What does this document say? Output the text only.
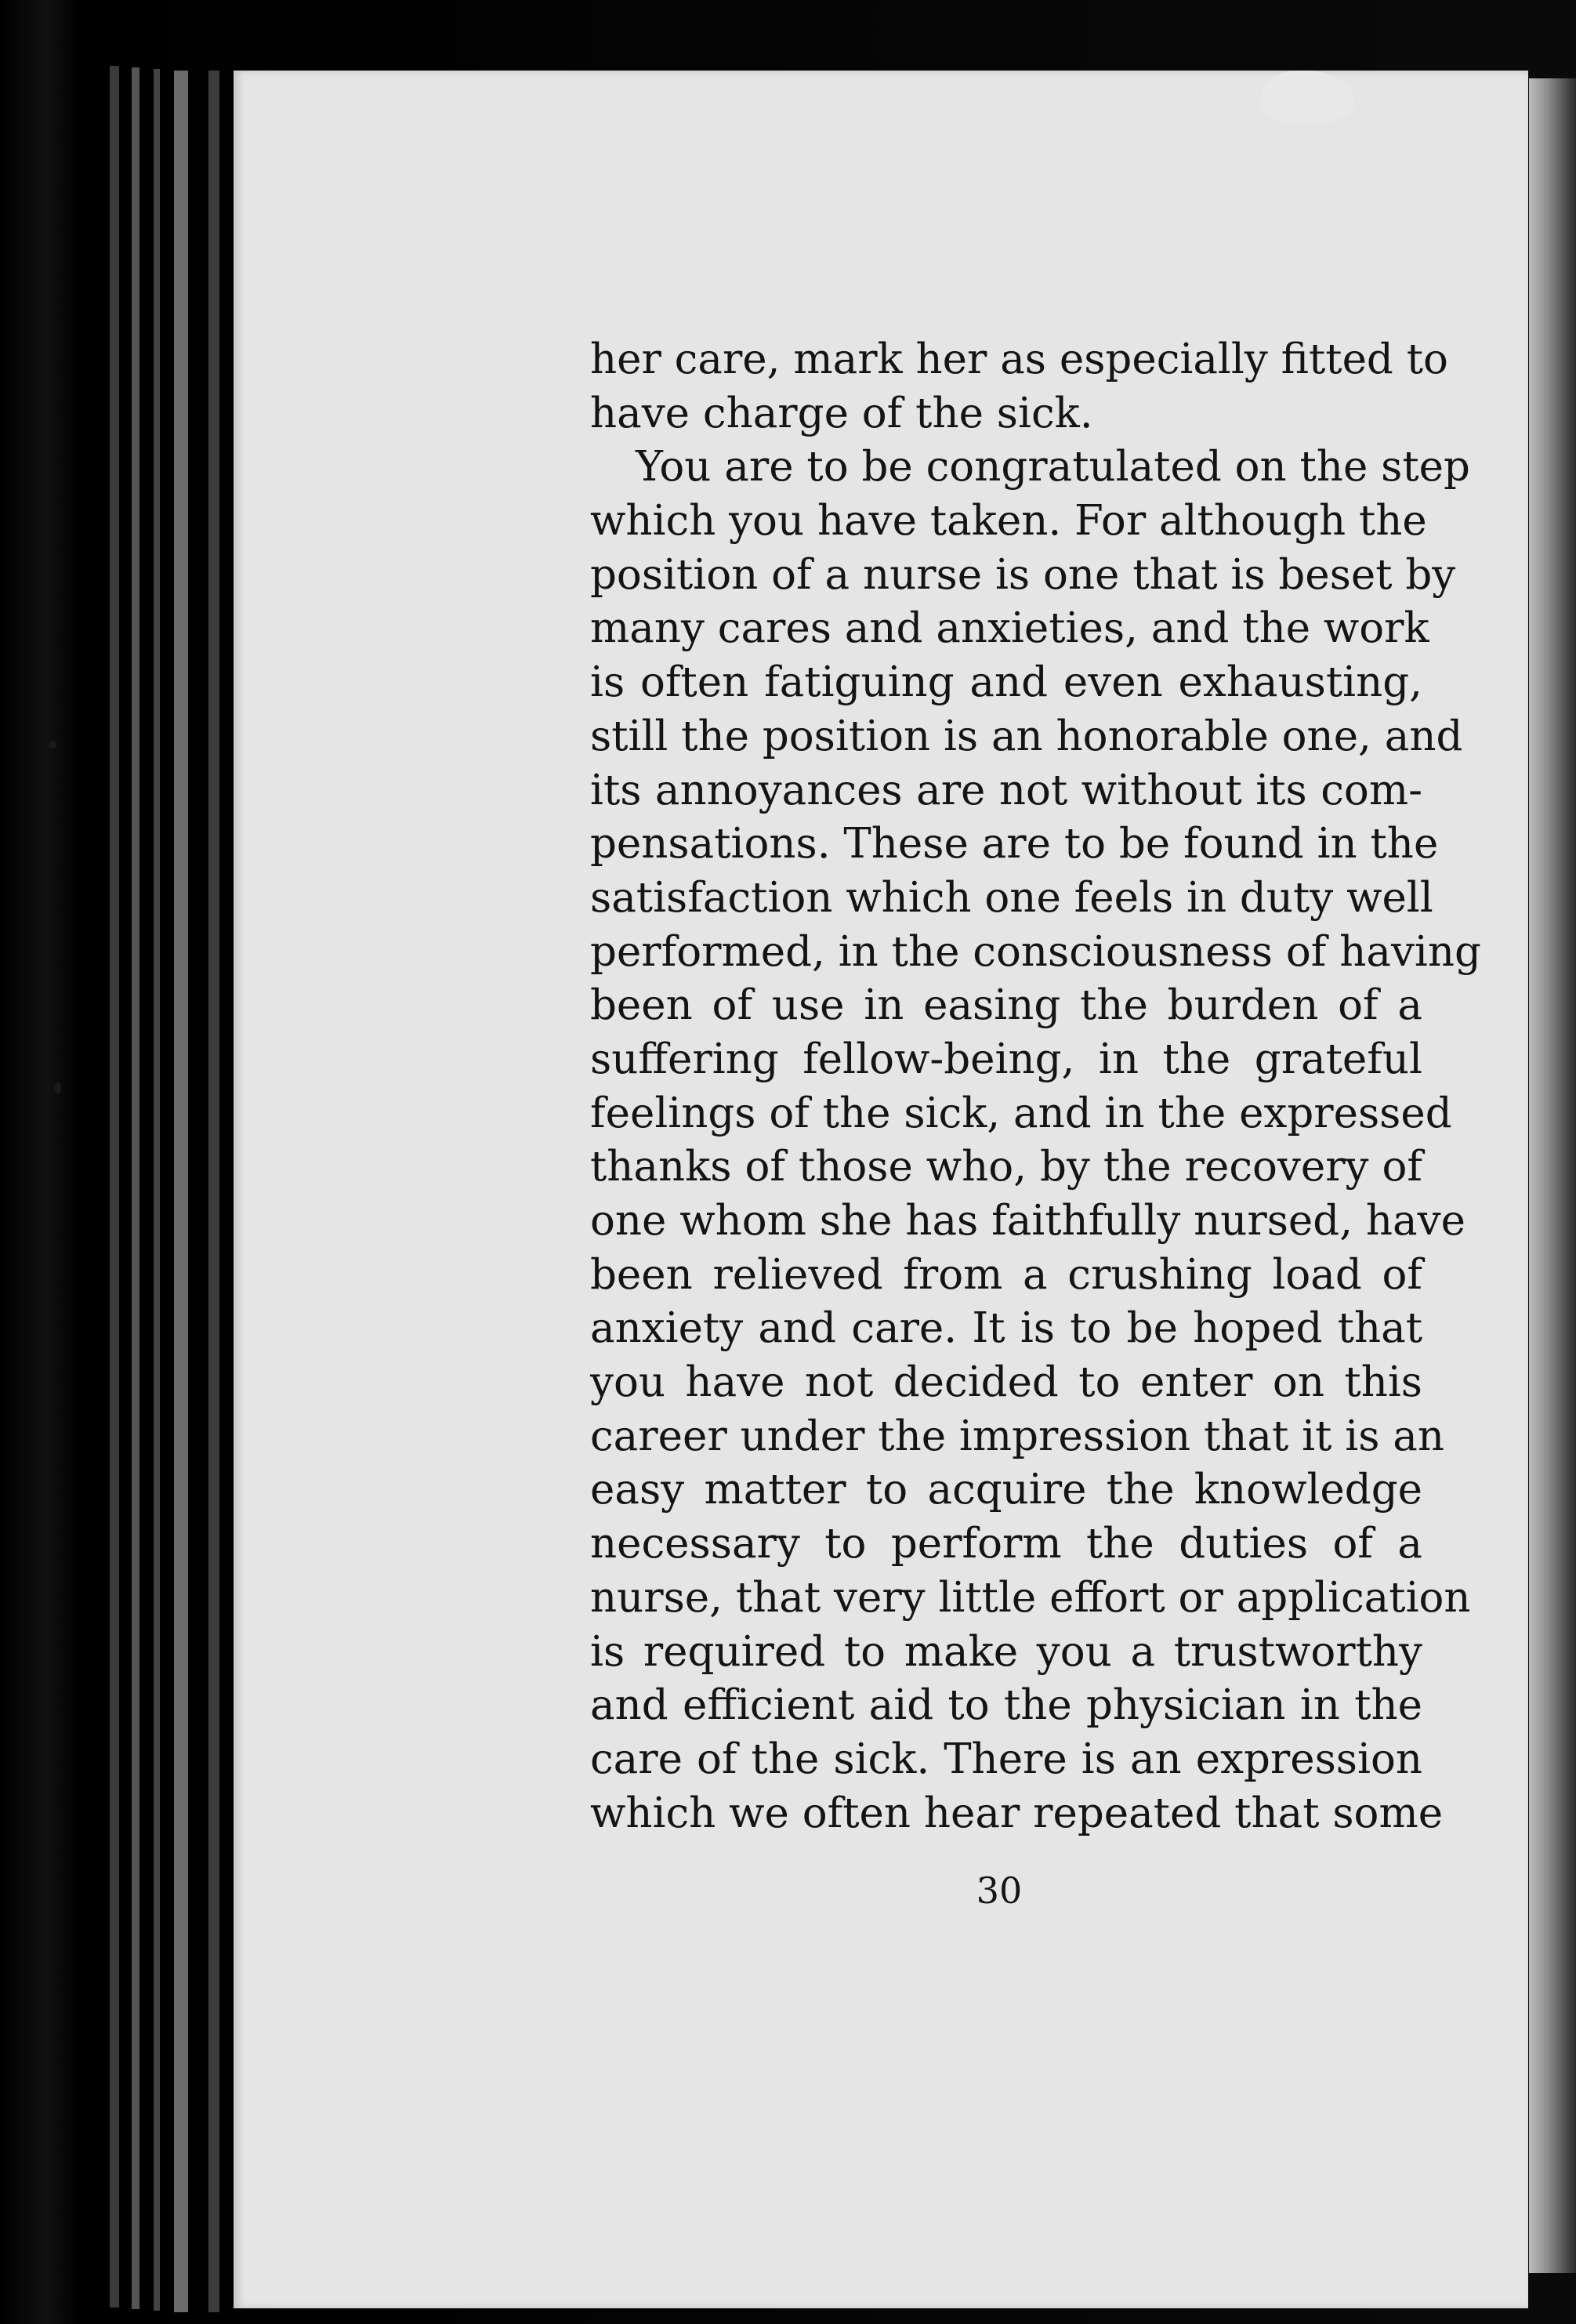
her care, mark her as especially fitted to
have charge of the sick.
You are to be congratulated on the step
which you have taken. For although the
position of a nurse is one that is beset by
many cares and anxieties, and the work
is often fatiguing and even exhausting,
still the position is an honorable one, and
its annoyances are not without its com-
pensations. These are to be found in the
satisfaction which one feels in duty well
performed, in the consciousness of having
been of use in easing the burden of a
suffering fellow-being, in the grateful
feelings of the sick, and in the expressed
thanks of those who, by the recovery of
one whom she has faithfully nursed, have
been relieved from a crushing load of
anxiety and care. It is to be hoped that
you have not decided to enter on this
career under the impression that it is an
easy matter to acquire the knowledge
necessary to perform the duties of a
nurse, that very little effort or application
is required to make you a trustworthy
and efficient aid to the physician in the
care of the sick. There is an expression
which we often hear repeated that some
30
